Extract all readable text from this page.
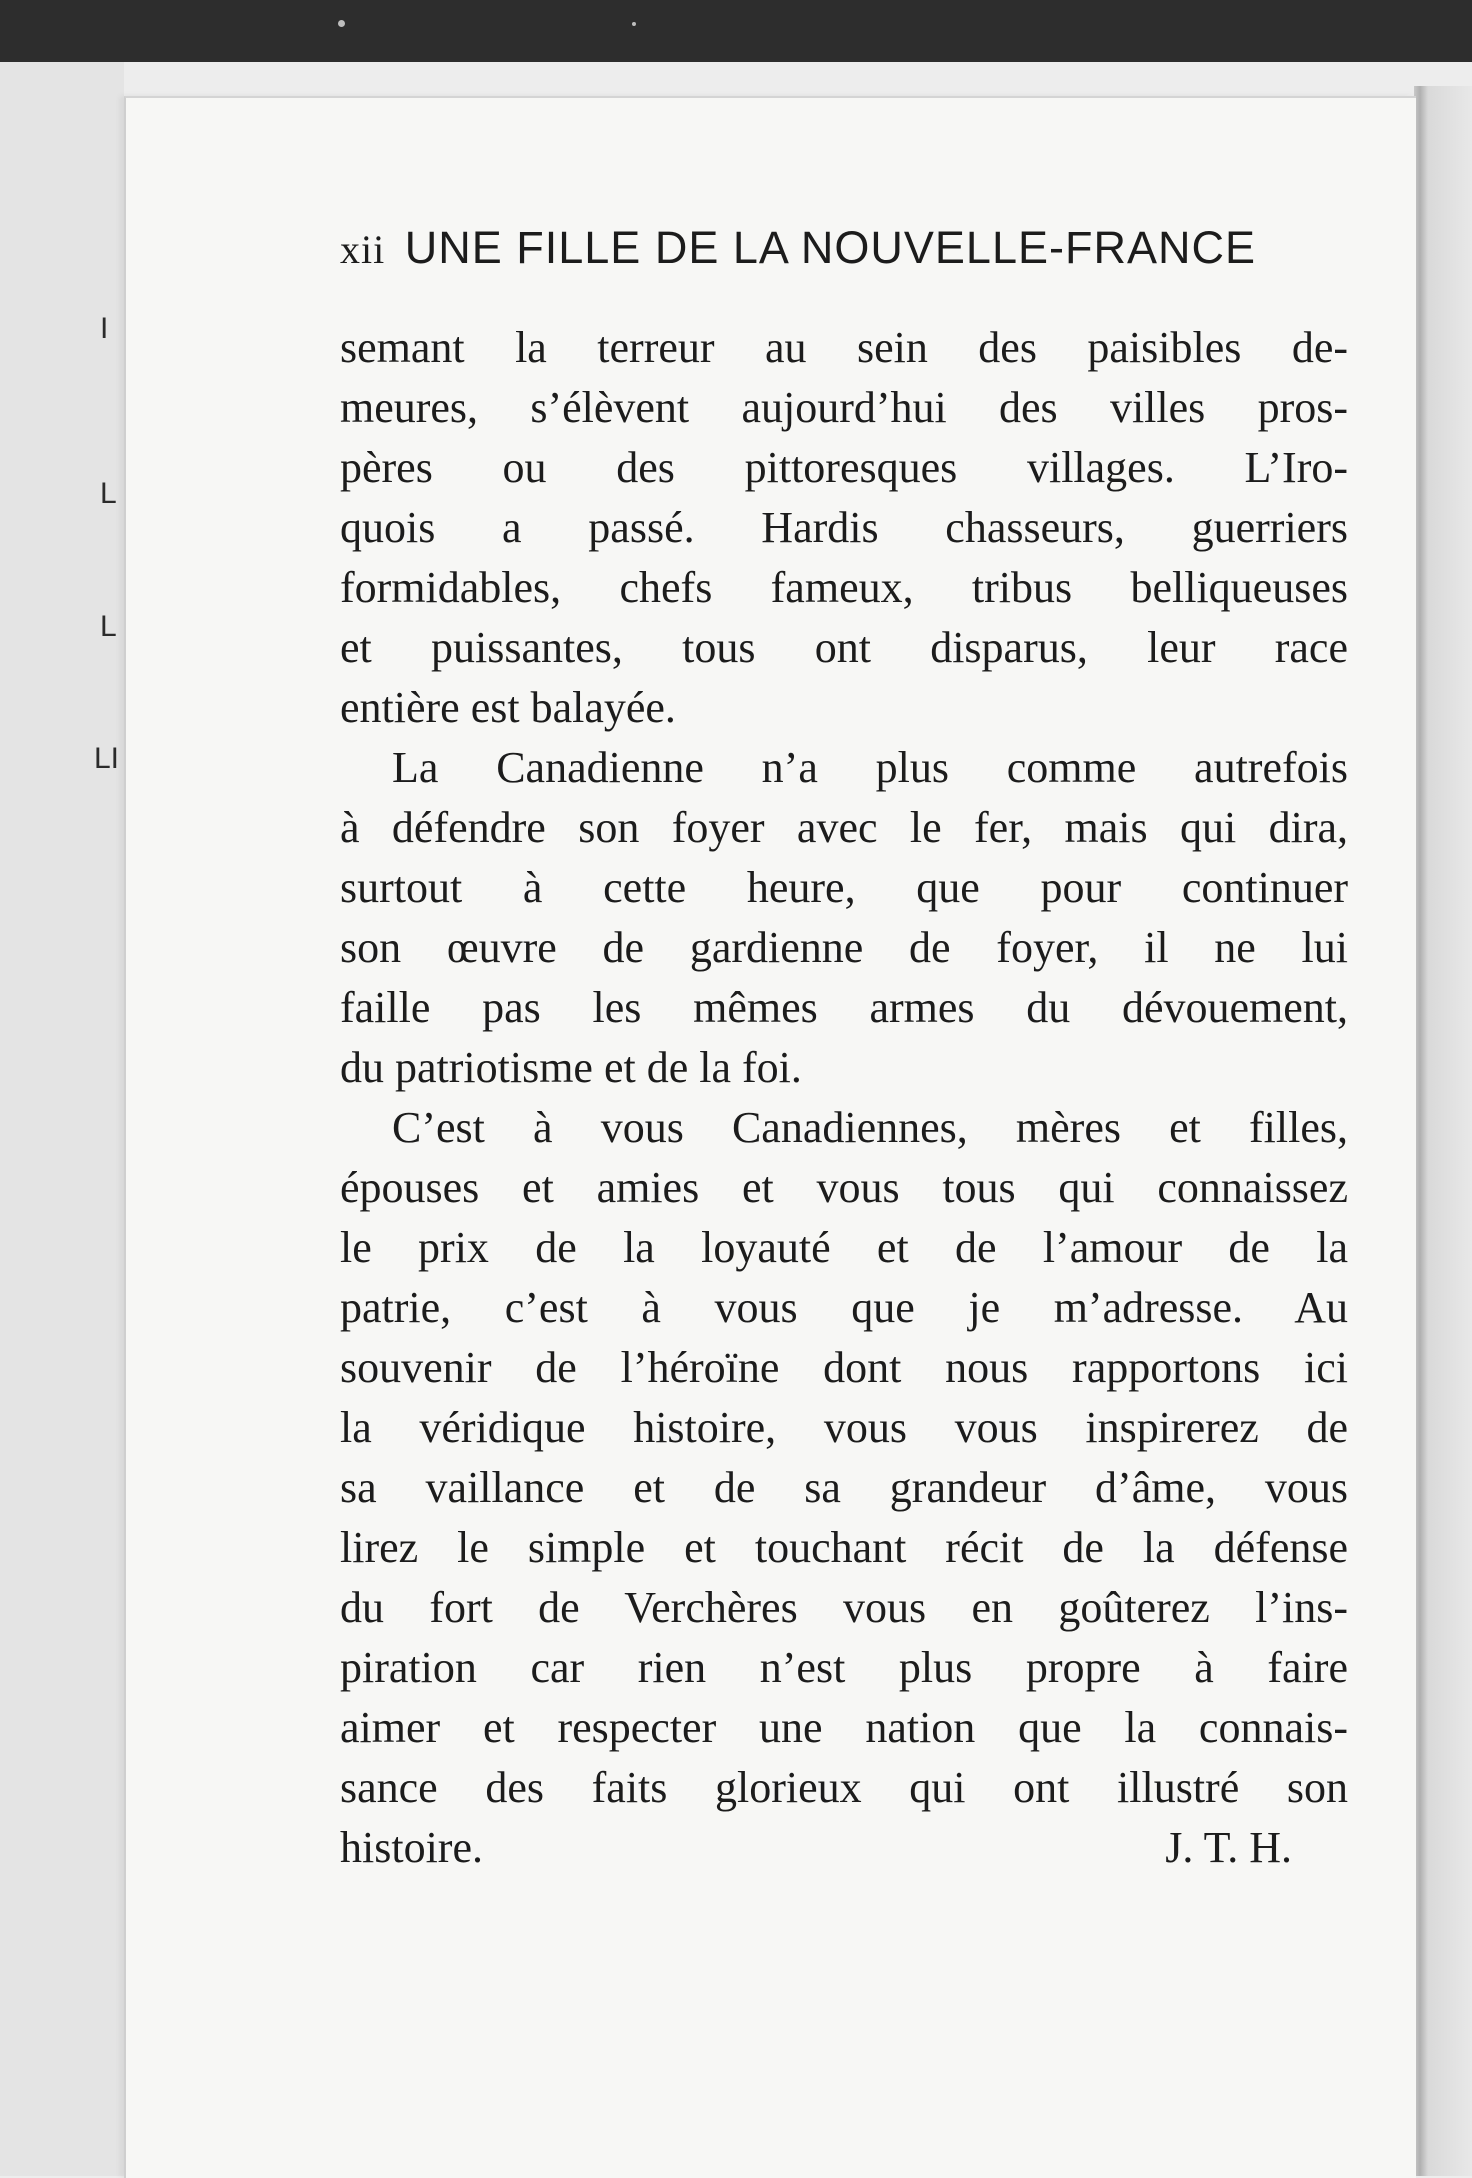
I
L
L
LI
xii UNE FILLE DE LA NOUVELLE-FRANCE
semant la terreur au sein des paisibles de-
meures, s’élèvent aujourd’hui des villes pros-
pères ou des pittoresques villages. L’Iro-
quois a passé. Hardis chasseurs, guerriers
formidables, chefs fameux, tribus belliqueuses
et puissantes, tous ont disparus, leur race
entière est balayée.
La Canadienne n’a plus comme autrefois
à défendre son foyer avec le fer, mais qui dira,
surtout à cette heure, que pour continuer
son œuvre de gardienne de foyer, il ne lui
faille pas les mêmes armes du dévouement,
du patriotisme et de la foi.
C’est à vous Canadiennes, mères et filles,
épouses et amies et vous tous qui connaissez
le prix de la loyauté et de l’amour de la
patrie, c’est à vous que je m’adresse. Au
souvenir de l’héroïne dont nous rapportons ici
la véridique histoire, vous vous inspirerez de
sa vaillance et de sa grandeur d’âme, vous
lirez le simple et touchant récit de la défense
du fort de Verchères vous en goûterez l’ins-
piration car rien n’est plus propre à faire
aimer et respecter une nation que la connais-
sance des faits glorieux qui ont illustré son
histoire.	J. T. H.
